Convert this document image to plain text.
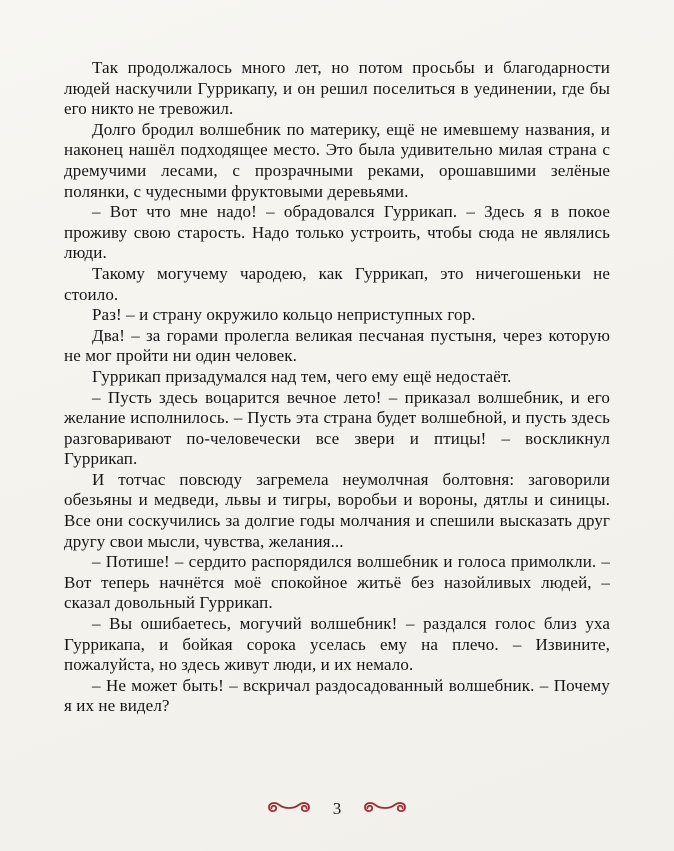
Так продолжалось много лет, но потом просьбы и благодарности людей наскучили Гуррикапу, и он решил поселиться в уединении, где бы его никто не тревожил.

Долго бродил волшебник по материку, ещё не имевшему названия, и наконец нашёл подходящее место. Это была удивительно милая страна с дремучими лесами, с прозрачными реками, орошавшими зелёные полянки, с чудесными фруктовыми деревьями.

– Вот что мне надо! – обрадовался Гуррикап. – Здесь я в покое проживу свою старость. Надо только устроить, чтобы сюда не являлись люди.

Такому могучему чародею, как Гуррикап, это ничегошеньки не стоило.

Раз! – и страну окружило кольцо неприступных гор.

Два! – за горами пролегла великая песчаная пустыня, через которую не мог пройти ни один человек.

Гуррикап призадумался над тем, чего ему ещё недостаёт.

– Пусть здесь воцарится вечное лето! – приказал волшебник, и его желание исполнилось. – Пусть эта страна будет волшебной, и пусть здесь разговаривают по-человечески все звери и птицы! – воскликнул Гуррикап.

И тотчас повсюду загремела неумолчная болтовня: заговорили обезьяны и медведи, львы и тигры, воробьи и вороны, дятлы и синицы. Все они соскучились за долгие годы молчания и спешили высказать друг другу свои мысли, чувства, желания...

– Потише! – сердито распорядился волшебник и голоса примолкли. – Вот теперь начнётся моё спокойное житьё без назойливых людей, – сказал довольный Гуррикап.

– Вы ошибаетесь, могучий волшебник! – раздался голос близ уха Гуррикапа, и бойкая сорока уселась ему на плечо. – Извините, пожалуйста, но здесь живут люди, и их немало.

– Не может быть! – вскричал раздосадованный волшебник. – Почему я их не видел?

3
